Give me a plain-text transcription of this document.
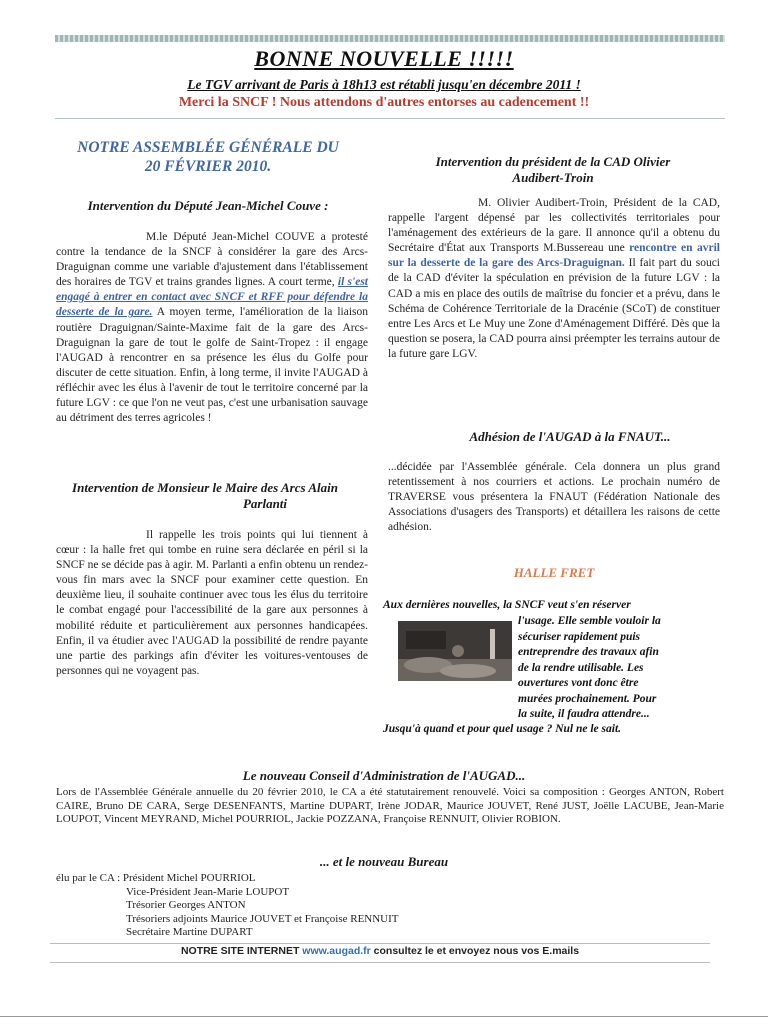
BONNE NOUVELLE !!!!!
Le TGV arrivant de Paris à 18h13 est rétabli jusqu'en décembre 2011 !
Merci la SNCF ! Nous attendons d'autres entorses au cadencement !!
NOTRE ASSEMBLÉE GÉNÉRALE DU
20 FÉVRIER 2010.
Intervention du Député Jean-Michel Couve :

M.le Député Jean-Michel COUVE a protesté contre la tendance de la SNCF à considérer la gare des Arcs-Draguignan comme une variable d'ajustement dans l'établissement des horaires de TGV et trains grandes lignes. A court terme, il s'est engagé à entrer en contact avec SNCF et RFF pour défendre la desserte de la gare. A moyen terme, l'amélioration de la liaison routière Draguignan/Sainte-Maxime fait de la gare des Arcs-Draguignan la gare de tout le golfe de Saint-Tropez : il engage l'AUGAD à rencontrer en sa présence les élus du Golfe pour discuter de cette situation. Enfin, à long terme, il invite l'AUGAD à réfléchir avec les élus à l'avenir de tout le territoire concerné par la future LGV : ce que l'on ne veut pas, c'est une urbanisation sauvage au détriment des terres agricoles !

Intervention de Monsieur le Maire des Arcs Alain
Parlanti

Il rappelle les trois points qui lui tiennent à cœur : la halle fret qui tombe en ruine sera déclarée en péril si la SNCF ne se décide pas à agir. M. Parlanti a enfin obtenu un rendez-vous fin mars avec la SNCF pour examiner cette question. En deuxième lieu, il souhaite continuer avec tous les élus du territoire le combat engagé pour l'accessibilité de la gare aux personnes à mobilité réduite et particulièrement aux personnes handicapées. Enfin, il va étudier avec l'AUGAD la possibilité de rendre payante une partie des parkings afin d'éviter les voitures-ventouses de personnes qui ne voyagent pas.

Intervention du président de la CAD Olivier
Audibert-Troin

M. Olivier Audibert-Troin, Président de la CAD, rappelle l'argent dépensé par les collectivités territoriales pour l'aménagement des extérieurs de la gare. Il annonce qu'il a obtenu du Secrétaire d'État aux Transports M.Bussereau une rencontre en avril sur la desserte de la gare des Arcs-Draguignan. Il fait part du souci de la CAD d'éviter la spéculation en prévision de la future LGV : la CAD a mis en place des outils de maîtrise du foncier et a prévu, dans le Schéma de Cohérence Territoriale de la Dracénie (SCoT) de constituer entre Les Arcs et Le Muy une Zone d'Aménagement Différé. Dès que la question se posera, la CAD pourra ainsi préempter les terrains autour de la future gare LGV.

Adhésion de l'AUGAD à la FNAUT...

...décidée par l'Assemblée générale. Cela donnera un plus grand retentissement à nos courriers et actions. Le prochain numéro de TRAVERSE vous présentera la FNAUT (Fédération Nationale des Associations d'usagers des Transports) et détaillera les raisons de cette adhésion.

HALLE FRET
Aux dernières nouvelles, la SNCF veut s'en réserver
l'usage. Elle semble vouloir la
sécuriser rapidement puis
entreprendre des travaux afin
de la rendre utilisable. Les
ouvertures vont donc être
murées prochainement. Pour
la suite, il faudra attendre...
Jusqu'à quand et pour quel usage ? Nul ne le sait.
Le nouveau Conseil d'Administration de l'AUGAD...
Lors de l'Assemblée Générale annuelle du 20 février 2010, le CA a été statutairement renouvelé. Voici sa composition : Georges ANTON, Robert CAIRE, Bruno DE CARA, Serge DESENFANTS, Martine DUPART, Irène JODAR, Maurice JOUVET, René JUST, Joëlle LACUBE, Jean-Marie LOUPOT, Vincent MEYRAND, Michel POURRIOL, Jackie POZZANA, Françoise RENNUIT, Olivier ROBION.
... et le nouveau Bureau
élu par le CA : Président Michel POURRIOL
Vice-Président Jean-Marie LOUPOT
Trésorier Georges ANTON
Trésoriers adjoints Maurice JOUVET et Françoise RENNUIT
Secrétaire Martine DUPART
NOTRE SITE INTERNET www.augad.fr consultez le et envoyez nous vos E.mails
